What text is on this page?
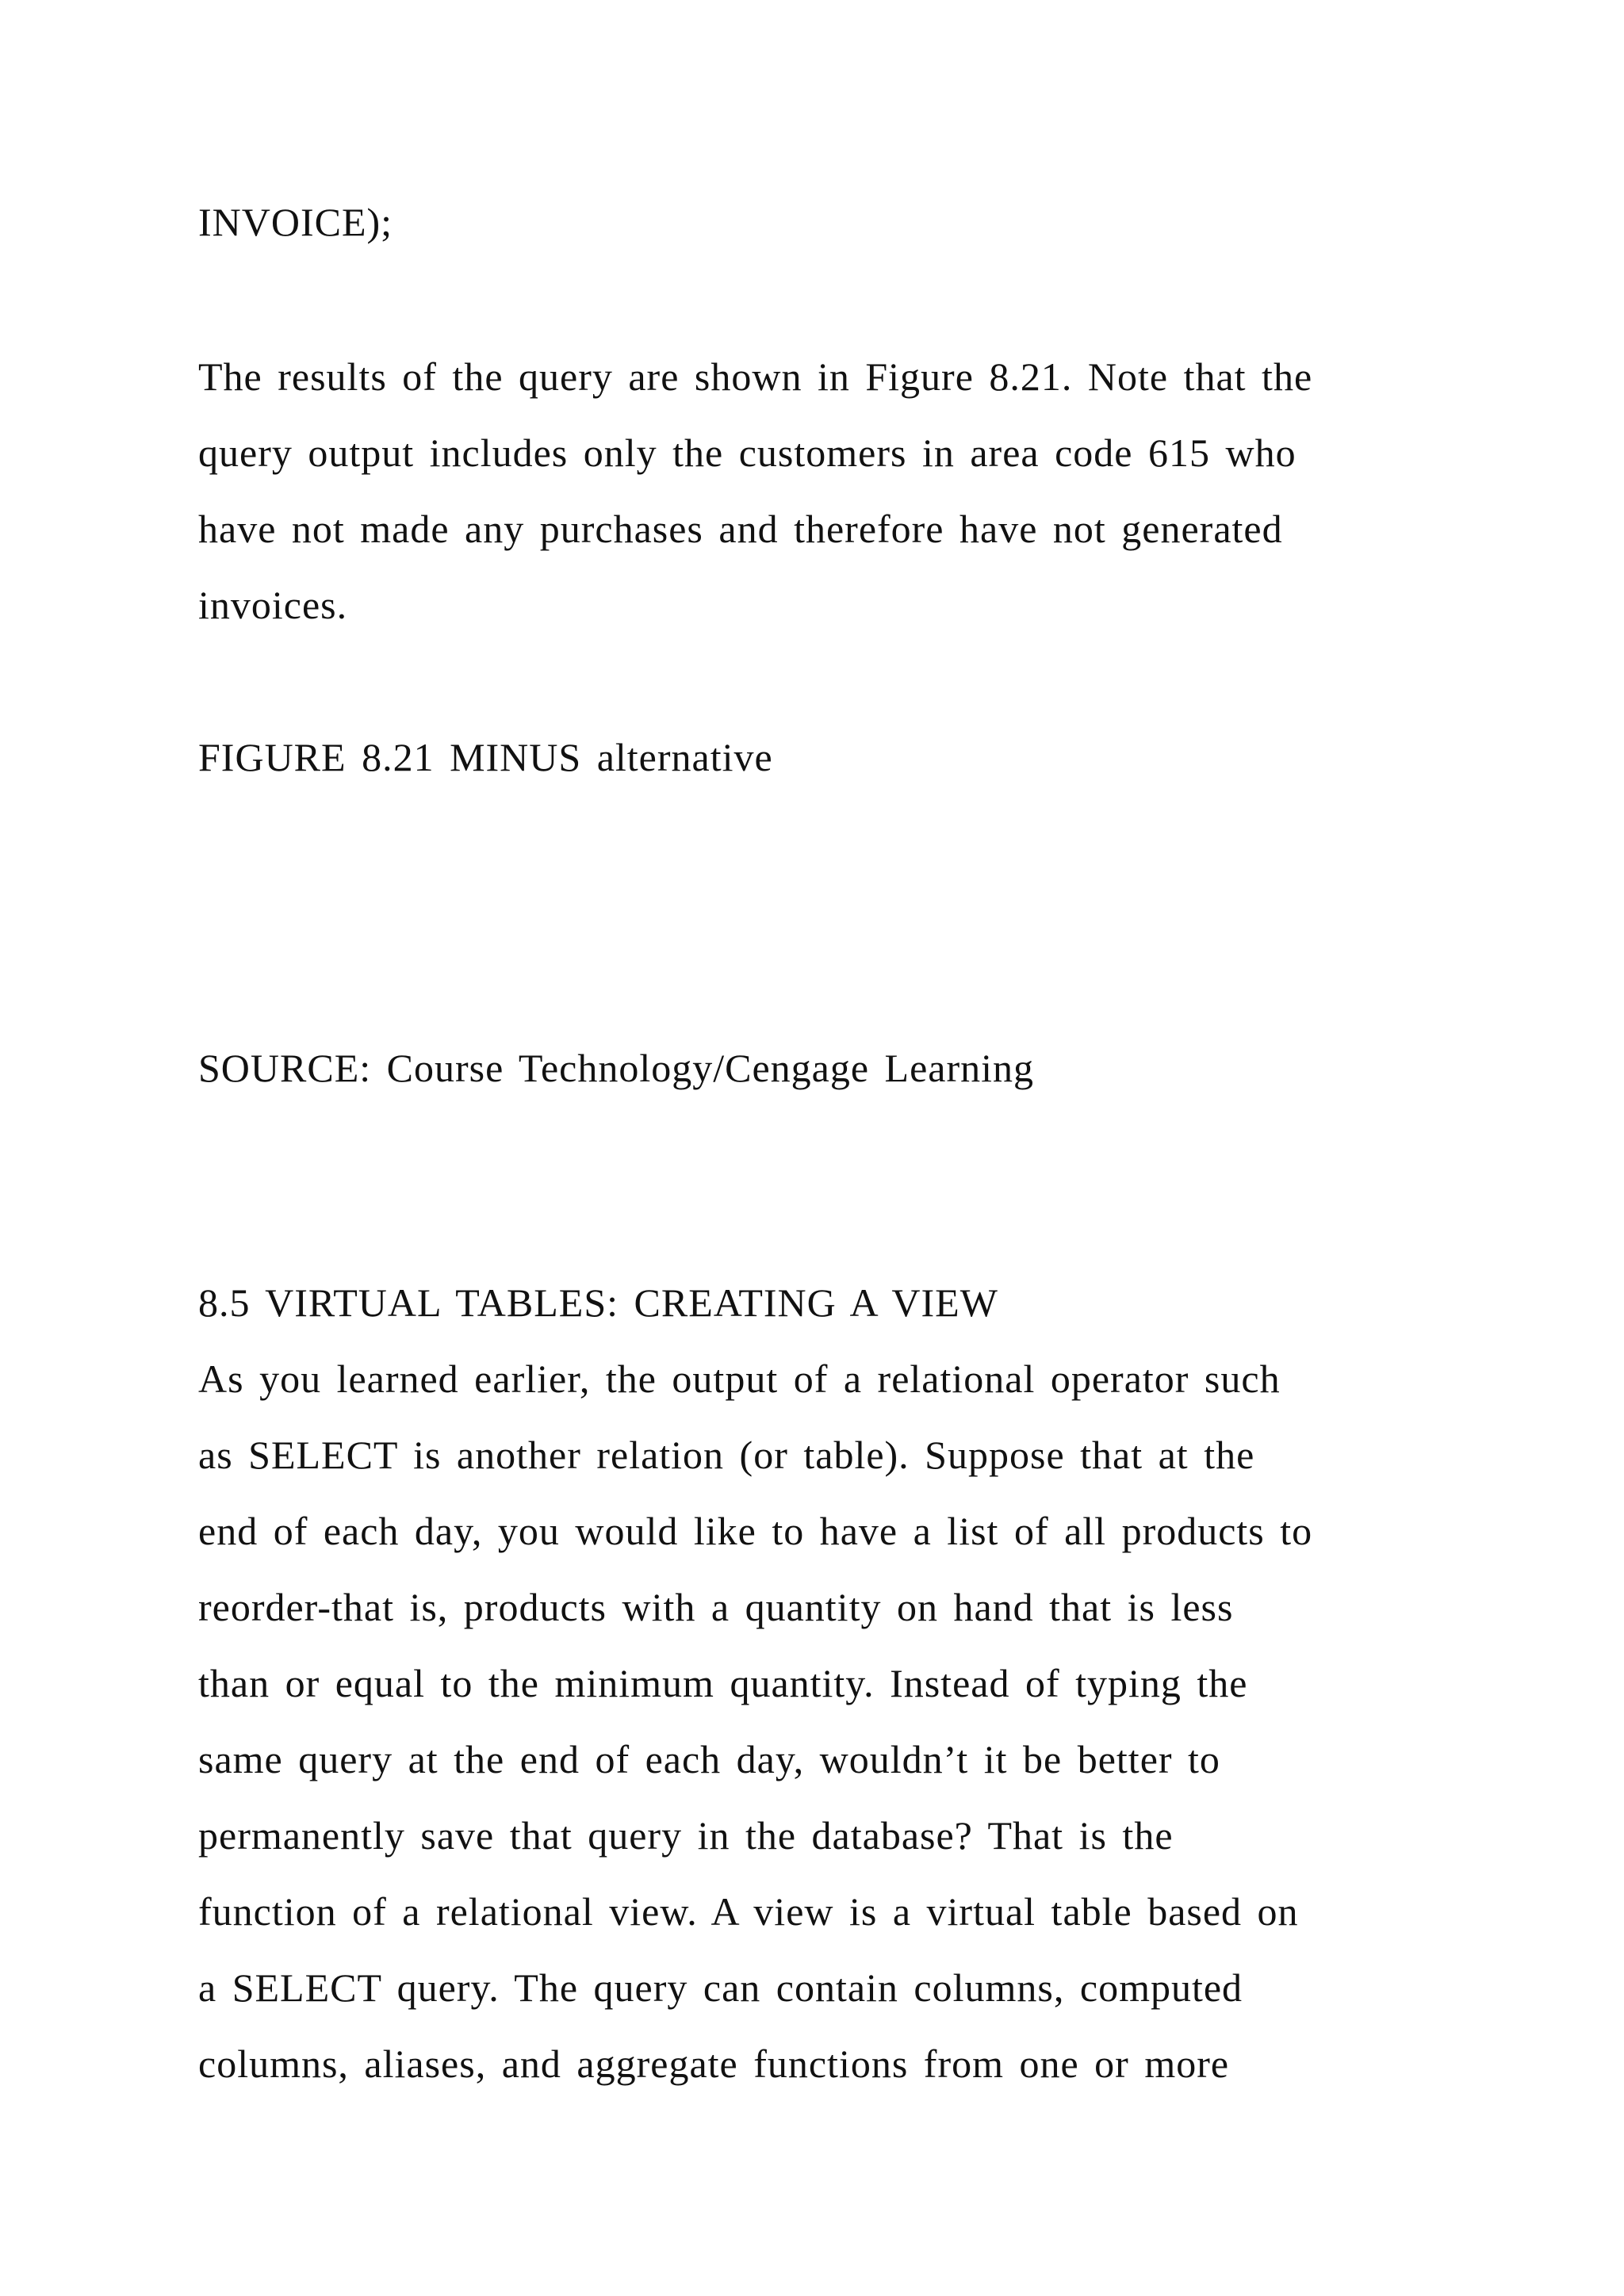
INVOICE);
The results of the query are shown in Figure 8.21. Note that the
query output includes only the customers in area code 615 who
have not made any purchases and therefore have not generated
invoices.
FIGURE 8.21 MINUS alternative
SOURCE: Course Technology/Cengage Learning
8.5 VIRTUAL TABLES: CREATING A VIEW
As you learned earlier, the output of a relational operator such
as SELECT is another relation (or table). Suppose that at the
end of each day, you would like to have a list of all products to
reorder-that is, products with a quantity on hand that is less
than or equal to the minimum quantity. Instead of typing the
same query at the end of each day, wouldn’t it be better to
permanently save that query in the database? That is the
function of a relational view. A view is a virtual table based on
a SELECT query. The query can contain columns, computed
columns, aliases, and aggregate functions from one or more
